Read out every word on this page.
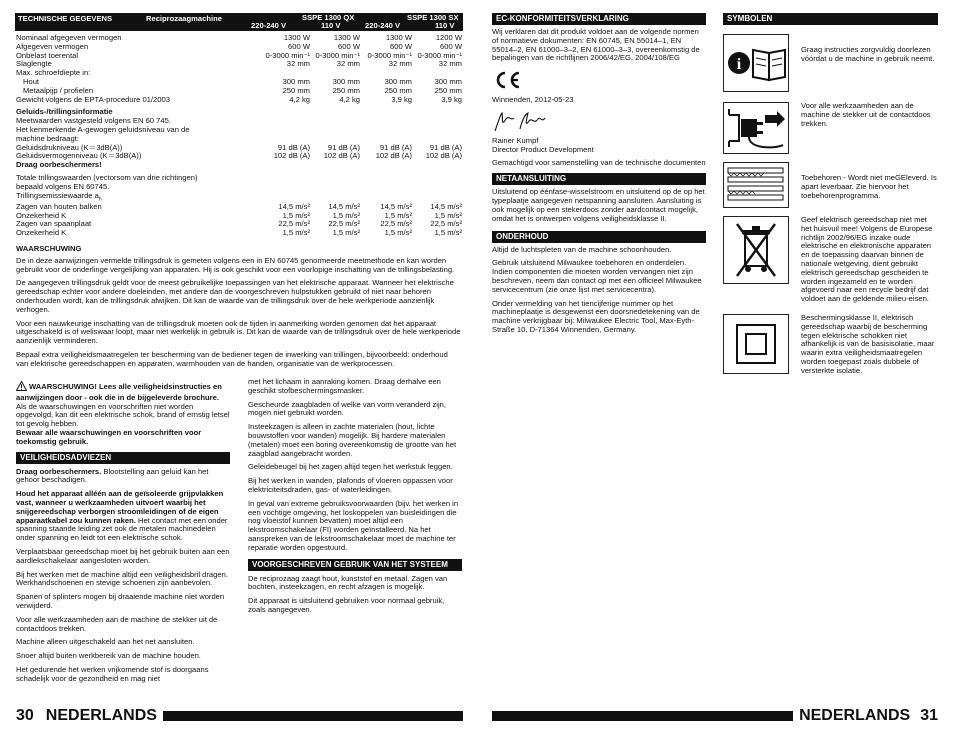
TECHNISCHE GEGEVENS	Reciprozaagmachine	SSPE 1300 QX	SSPE 1300 SX
220-240 V	110 V	220-240 V	110 V
Nominaal afgegeven vermogen	1300 W	1300 W	1300 W	1200 W
Afgegeven vermogen	600 W	600 W	600 W	600 W
Onbelast toerental	0-3000 min⁻¹ 0-3000 min⁻¹ 0-3000 min⁻¹ 0-3000 min⁻¹
Slaglengte	32 mm	32 mm	32 mm	32 mm
Max. schroefdiepte in:
Hout	300 mm	300 mm	300 mm	300 mm
Metaalpijp / profielen	250 mm	250 mm	250 mm	250 mm
Gewicht volgens de EPTA-procedure 01/2003	4,2 kg	4,2 kg	3,9 kg	3,9 kg
Geluids-/trillingsinformatie
Meetwaarden vastgesteld volgens EN 60 745.
Het kenmerkende A-gewogen geluidsniveau van de
machine bedraagt:
Geluidsdrukniveau (K＝3dB(A))	91 dB (A)	91 dB (A)	91 dB (A)	91 dB (A)
Geluidsvermogenniveau (K＝3dB(A))	102 dB (A)	102 dB (A)	102 dB (A)	102 dB (A)
Draag oorbeschermers!
Totale trillingswaarden (vectorsom van drie richtingen)
bepaald volgens EN 60745.
Trillingsemissiewaarde $a_h$
Zagen van houten balken	14,5 m/s²	14,5 m/s²	14,5 m/s²	14,5 m/s²
Onzekerheid K	1,5 m/s²	1,5 m/s²	1,5 m/s²	1,5 m/s²
Zagen van spaanplaat	22,5 m/s²	22,5 m/s²	22,5 m/s²	22,5 m/s²
Onzekerheid K	1,5 m/s²	1,5 m/s²	1,5 m/s²	1,5 m/s²
WAARSCHUWING
De in deze aanwijzingen vermelde trillingsdruk is gemeten volgens een in EN 60745 genormeerde meetmethode en kan worden gebruikt voor de onderlinge vergelijking van apparaten. Hij is ook geschikt voor een voorlopige inschatting van de trillingsbelasting.
De aangegeven trillingsdruk geldt voor de meest gebruikelijke toepassingen van het elektrische apparaat. Wanneer het elektrische gereedschap echter voor andere doeleinden, met andere dan de voorgeschreven hulpstukken gebruikt of niet naar behoren onderhouden wordt, kan de trillingsdruk afwijken. Dit kan de waarde van de trillingsdruk over de hele werkperiode aanzienlijk verhogen.
Voor een nauwkeurige inschatting van de trillingsdruk moeten ook de tijden in aanmerking worden genomen dat het apparaat uitgeschakeld is of weliswaar loopt, maar niet werkelijk in gebruik is. Dit kan de waarde van de trillingsdruk over de hele werkperiode aanzienlijk verminderen.
Bepaal extra veiligheidsmaatregelen ter bescherming van de bediener tegen de inwerking van trillingen, bijvoorbeeld: onderhoud van elektrische gereedschappen en apparaten, warmhouden van de handen, organisatie van de werkprocessen.
WAARSCHUWING! Lees alle veiligheidsinstructies en aanwijzingen door - ook die in de bijgeleverde brochure. Als de waarschuwingen en voorschriften niet worden opgevolgd, kan dit een elektrische schok, brand of ernstig letsel tot gevolg hebben.
Bewaar alle waarschuwingen en voorschriften voor toekomstig gebruik.
VEILIGHEIDSADVIEZEN
Draag oorbeschermers. Blootstelling aan geluid kan het gehoor beschadigen.
Houd het apparaat alléén aan de geïsoleerde grijpvlakken vast, wanneer u werkzaamheden uitvoert waarbij het snijgereedschap verborgen stroomleidingen of de eigen apparaatkabel zou kunnen raken. Het contact met een onder spanning staande leiding zet ook de metalen machinedelen onder spanning en leidt tot een elektrische schok.
Verplaatsbaar gereedschap moet bij het gebruik buiten aan een aardlekschakelaar aangesloten worden.
Bij het werken met de machine altijd een veiligheidsbril dragen. Werkhandschoenen en stevige schoenen zijn aanbevolen.
Spanen of splinters mogen bij draaiende machine niet worden verwijderd.
Voor alle werkzaamheden aan de machine de stekker uit de contactdoos trekken.
Machine alleen uitgeschakeld aan het net aansluiten.
Snoer altijd buiten werkbereik van de machine houden.
Het gedurende het werken vrijkomende stof is doorgaans schadelijk voor de gezondheid en mag niet
met het lichaam in aanraking komen. Draag derhalve een geschikt stofbeschermingsmasker.
Gescheurde zaagbladen of welke van vorm veranderd zijn, mogen niet gebruikt worden.
Insteekzagen is alleen in zachte materialen (hout, lichte bouwstoffen voor wanden) mogelijk. Bij hardere materialen (metalen) moet een boring overeenkomstig de grootte van het zaagblad aangebracht worden.
Geleidebeugel bij het zagen altijd tegen het werkstuk leggen.
Bij het werken in wanden, plafonds of vloeren oppassen voor elektriciteitsdraden, gas- of waterleidingen.
In geval van extreme gebruiksvoorwaarden (bijv. het werken in een vochtige omgeving, het loskoppelen van buisleidingen die nog vloeistof kunnen bevatten) moet altijd een lekstroomschakelaar (FI) worden geïnstalleerd. Na het aanspreken van de lekstroomschakelaar moet de machine ter reparatie worden opgestuurd.
VOORGESCHREVEN GEBRUIK VAN HET SYSTEEM
De reciprozaag zaagt hout, kunststof en metaal. Zagen van bochten, insteekzagen, en recht afzagen is mogelijk.
Dit apparaat is uitsluitend gebruiken voor normaal gebruik, zoals aangegeven.
30 NEDERLANDS
EC-KONFORMITEITSVERKLARING
Wij verklaren dat dit produkt voldoet aan de volgende normen of normatieve dokumenten: EN 60745, EN 55014–1, EN 55014–2, EN 61000–3–2, EN 61000–3–3, overeenkomstig de bepalingen van de richtlijnen 2006/42/EG, 2004/108/EG
Winnenden, 2012-05-23
Rainer Kumpf
Director Product Development
Gemachtigd voor samenstelling van de technische documenten
NETAANSLUITING
Uitsluitend op éénfase-wisselstroom en uitsluitend op de op het typeplaatje aangegeven netspanning aansluiten. Aansluiting is ook mogelijk op een stekerdoos zonder aardcontact mogelijk, omdat het is ontwerpen volgens veiligheidsklasse II.
ONDERHOUD
Altijd de luchtspleten van de machine schoonhouden.
Gebruik uitsluitend Milwaukee toebehoren en onderdelen. Indien componenten die moeten worden vervangen niet zijn beschreven, neem dan contact op met een officieel Milwaukee servicecentrum (zie onze lijst met servicecentra).
Onder vermelding van het tiencijferige nummer op het machineplaatje is desgewenst een doorsnedetekening van de machine verkrijgbaar bij: Milwaukee Electric Tool, Max-Eyth-Straße 10, D-71364 Winnenden, Germany.
SYMBOLEN
i
Graag instructies zorgvuldig doorlezen vóórdat u de machine in gebruik neemt.
Voor alle werkzaamheden aan de machine de stekker uit de contactdoos trekken.
Toebehoren - Wordt niet meGEleverd. Is apart leverbaar. Zie hiervoor het toebehorenprogramma.
Geef elektrisch gereedschap niet met het huisvuil mee! Volgens de Europese richtlijn 2002/96/EG inzake oude elektrische en elektronische apparaten en de toepassing daarvan binnen de nationale wetgeving, dient gebruikt elektrisch gereedschap gescheiden te worden ingezameld en te worden afgevoerd naar een recycle bedrijf dat voldoet aan de geldende milieu-eisen.
Beschermingsklasse II, elektrisch gereedschap waarbij de bescherming tegen elektrische schokken niet afhankelijk is van de basisisolatie, maar waarin extra veiligheidsmaatregelen worden toegepast zoals dubbele of versterkte isolatie.
NEDERLANDS 31
